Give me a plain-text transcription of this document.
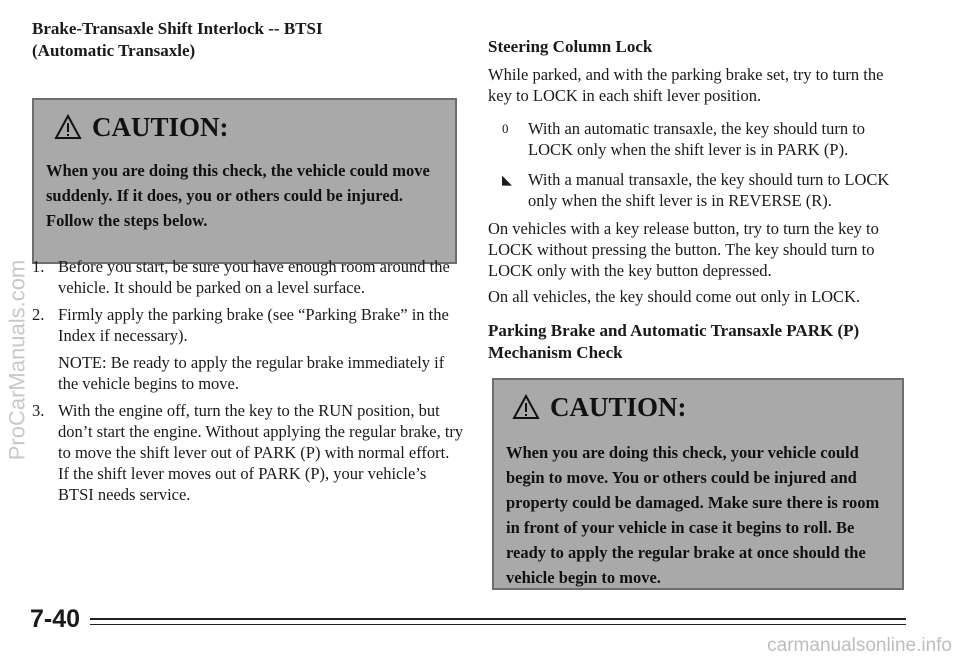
ProCarManuals.com
Brake-Transaxle Shift Interlock -- BTSI
(Automatic Transaxle)
CAUTION:
When you are doing this check, the vehicle could move suddenly. If it does, you or others could be injured. Follow the steps below.
1. Before you start, be sure you have enough room around the vehicle. It should be parked on a level surface.
2. Firmly apply the parking brake (see “Parking Brake” in the Index if necessary).
NOTE: Be ready to apply the regular brake immediately if the vehicle begins to move.
3. With the engine off, turn the key to the RUN position, but don’t start the engine. Without applying the regular brake, try to move the shift lever out of PARK (P) with normal effort. If the shift lever moves out of PARK (P), your vehicle’s BTSI needs service.
Steering Column Lock

While parked, and with the parking brake set, try to turn the key to LOCK in each shift lever position.

0	With an automatic transaxle, the key should turn to LOCK only when the shift lever is in PARK (P).
◣ With a manual transaxle, the key should turn to LOCK only when the shift lever is in REVERSE (R).

On vehicles with a key release button, try to turn the key to LOCK without pressing the button. The key should turn to LOCK only with the key button depressed.

On all vehicles, the key should come out only in LOCK.

Parking Brake and Automatic Transaxle PARK (P)
Mechanism Check
CAUTION:
When you are doing this check, your vehicle could begin to move. You or others could be injured and property could be damaged. Make sure there is room in front of your vehicle in case it begins to roll. Be ready to apply the regular brake at once should the vehicle begin to move.
7-40
carmanualsonline.info
